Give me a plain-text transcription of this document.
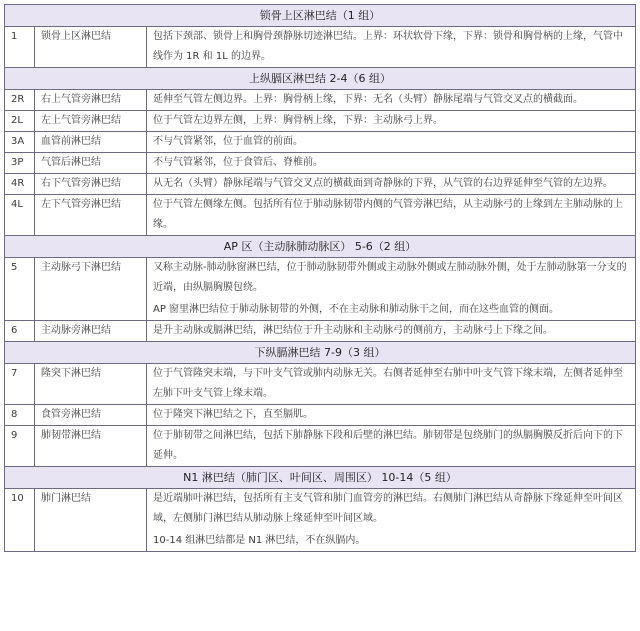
锁骨上区淋巴结（1 组）		
1	锁骨上区淋巴结	包括下颈部、锁骨上和胸骨颈静脉切迹淋巴结。上界：环状软骨下缘，下界：锁骨和胸骨柄的上缘，气管中线作为 1R 和 1L 的边界。

上纵膈区淋巴结 2-4（6 组）		
2R	右上气管旁淋巴结	延伸至气管左侧边界。上界：胸骨柄上缘，下界：无名（头臂）静脉尾端与气管交叉点的横截面。

2L	左上气管旁淋巴结	位于气管左边界左侧，上界：胸骨柄上缘，下界：主动脉弓上界。

3A	血管前淋巴结	不与气管紧邻，位于血管的前面。

3P	气管后淋巴结	不与气管紧邻，位于食管后、脊椎前。

4R	右下气管旁淋巴结	从无名（头臂）静脉尾端与气管交叉点的横截面到奇静脉的下界，从气管的右边界延伸至气管的左边界。

4L	左下气管旁淋巴结	位于气管左侧缘左侧。包括所有位于肺动脉韧带内侧的气管旁淋巴结，从主动脉弓的上缘到左主肺动脉的上缘。

AP 区（主动脉肺动脉区） 5-6（2 组）		
5	主动脉弓下淋巴结	又称主动脉-肺动脉窗淋巴结，位于肺动脉韧带外侧或主动脉外侧或左肺动脉外侧，处于左肺动脉第一分支的近端，由纵膈胸膜包绕。
AP 窗里淋巴结位于肺动脉韧带的外侧，不在主动脉和肺动脉干之间，而在这些血管的侧面。

6	主动脉旁淋巴结	是升主动脉或膈淋巴结，淋巴结位于升主动脉和主动脉弓的侧前方，主动脉弓上下缘之间。

下纵膈淋巴结 7-9（3 组）		
7	隆突下淋巴结	位于气管隆突末端，与下叶支气管或肺内动脉无关。右侧者延伸至右肺中叶支气管下缘末端，左侧者延伸至左肺下叶支气管上缘末端。

8	食管旁淋巴结	位于隆突下淋巴结之下，直至膈肌。

9	肺韧带淋巴结	位于肺韧带之间淋巴结，包括下肺静脉下段和后壁的淋巴结。肺韧带是包绕肺门的纵膈胸膜反折后向下的下延伸。

N1 淋巴结（肺门区、叶间区、周围区） 10-14（5 组）		
10	肺门淋巴结	是近端肺叶淋巴结，包括所有主支气管和肺门血管旁的淋巴结。右侧肺门淋巴结从奇静脉下缘延伸至叶间区域，左侧肺门淋巴结从肺动脉上缘延伸至叶间区域。
10-14 组淋巴结都是 N1 淋巴结，不在纵膈内。
